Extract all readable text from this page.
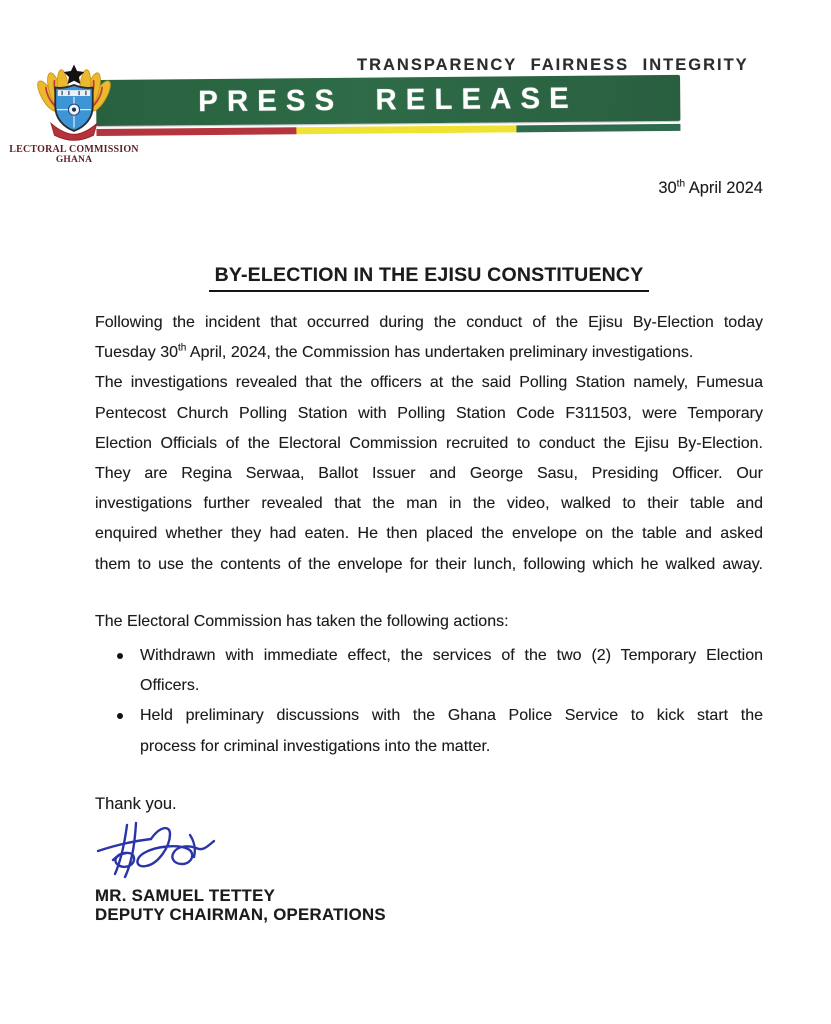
TRANSPARENCY FAIRNESS INTEGRITY
PRESS RELEASE
LECTORAL COMMISSION
GHANA
30th April 2024
BY-ELECTION IN THE EJISU CONSTITUENCY
Following the incident that occurred during the conduct of the Ejisu By-Election today
Tuesday 30th April, 2024, the Commission has undertaken preliminary investigations.
The investigations revealed that the officers at the said Polling Station namely, Fumesua
Pentecost Church Polling Station with Polling Station Code F311503, were Temporary
Election Officials of the Electoral Commission recruited to conduct the Ejisu By-Election.
They are Regina Serwaa, Ballot Issuer and George Sasu, Presiding Officer. Our
investigations further revealed that the man in the video, walked to their table and
enquired whether they had eaten. He then placed the envelope on the table and asked
them to use the contents of the envelope for their lunch, following which he walked away.
The Electoral Commission has taken the following actions:
Withdrawn with immediate effect, the services of the two (2) Temporary Election
Officers.
Held preliminary discussions with the Ghana Police Service to kick start the
process for criminal investigations into the matter.
Thank you.
MR. SAMUEL TETTEY
DEPUTY CHAIRMAN, OPERATIONS
